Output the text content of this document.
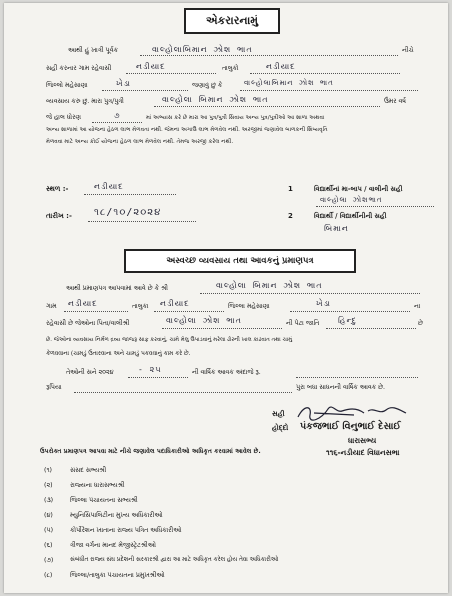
એકરારનામું
આથી હું ખાત્રી પૂર્વક	વાલ્હોલાબિમાન ઝોશ ભાત	નીચે
સહી કરનાર ગામ રહેવાસી	નડીયાદ	તાલુકો	નડીયાદ
જિલ્લો મહેસાણા	ખેડા	જણાવું છું કે	વાલ્હોલાબિમાન ઝોશ ભાત
વ્યવસાય કરુ છું. મારા પુત્ર/પુત્રી	વાલ્હોલા બિમાન ઝોશ ભાત	ઉંમર વર્ષ
જે હાલ ધોરણ	૭	માં અભ્યાસ કરે છે મારા આ પુત્ર/પુત્રી સિવાય અન્ય પુત્ર/પુત્રીઓ આ શાળા અથવા
અન્ય શાળામાં આ યોજના હેઠળ લાભ મેળવતા નથી. જેમના અગાઉ લાભ મેળવેલ નથી. અરજીમાં જણાવેલ બાળકની શિષ્યવૃતિ
મેળવવા માટે અન્ય કોઈ યોજના હેઠળ લાભ મેળવેલ નથી. તેમજ અરજી કરેલ નથી.
સ્થળ :-	નડીયાદ
તારીખ :- ૧૮/૧૦/૨૦૨૪
1	વિદ્યાર્થીનાં મા-બાપ / વાલીની સહી
વાલ્હોલા ઝોશભાત
2	વિદ્યાર્થી / વિદ્યાર્થીનીની સહી
બિમાન
અસ્વચ્છ વ્યવસાય તથા આવકનું પ્રમાણપત્ર
આથી પ્રમાણપત્ર આપવામાં આવે છે કે શ્રી	વાલ્હોલા બિમાન ઝોશ ભાત
ગામ નડીયાદ	તાલુકા નડીયાદ	જિલ્લા મહેસાણા	ખેડા	ના
રહેવાસી છે જેઓના પિતા/વાલીશ્રી	વાલ્હોલા ઝોશ ભાત	ની પેટા જાતિ હિન્દુ	છે
છે. જેઓના વ્યવસાય નિર્મળ દ્રવ્ય જાજરૂ સાફ કરવાનું, ચામે મેલુ ઉપાડવાનું મરેલા ઢોરની ખાલ કાઢવાત તથા ચામું
કેળવવાના (ચામડું ઉતારવાના અને ચામડું પકવવાનું કામ કરે છે.
તેઓની સને ૨૦૨૪	- ૨૫	ની વાર્ષિક આવક અંદાજે રૂ.
રૂપિયા	પુરા બધા સાધનની વાર્ષિક આવક છે.
સહી
હોદ્દો પંકજભાઈ વિનુભાઈ દેસાઈ
ધારાસભ્ય
૧૧૬-નડીયાદ વિધાનસભા
ઉપરોક્ત પ્રમાણપત્ર આપવા માટે નીચે જણાવેલ પદાધિકારીઓ અધિકૃત કરવામાં આવેલ છે.
(૧)	સંસદ સભ્યશ્રી
(૨)	રાજ્યના ધારાસભ્યશ્રી
(૩)	જિલ્લા પંચાયતના સભ્યશ્રી
(૪)	મ્યુનિસિપાલિટીના મુખ્ય અધિકારીઓ
(૫)	કોર્પોરેશન ખાતાના રાજ્ય પત્રિત અધિકારીઓ
(૬)	ત્રીજા વર્ગના માનદ મેજીસ્ટ્રેટશ્રીઓ
(૭)	સંબંધીત રાજ્ય સંઘ પ્રદેશની સરકારશ્રી દ્વારા આ માટે અધિકૃત કરેલ હોય તેવા અધિકારીઓ
(૮)	જિલ્લા/તાલુકા પંચાયતના પ્રમુખશ્રીઓ
